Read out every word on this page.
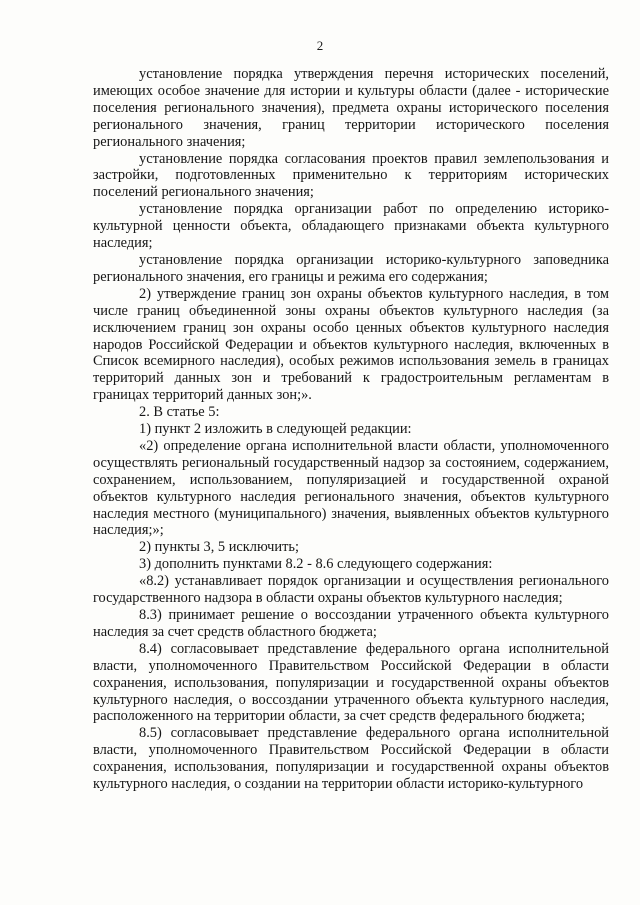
2

установление порядка утверждения перечня исторических поселений, имеющих особое значение для истории и культуры области (далее - исторические поселения регионального значения), предмета охраны исторического поселения регионального значения, границ территории исторического поселения регионального значения;

установление порядка согласования проектов правил землепользования и застройки, подготовленных применительно к территориям исторических поселений регионального значения;

установление порядка организации работ по определению историко-культурной ценности объекта, обладающего признаками объекта культурного наследия;

установление порядка организации историко-культурного заповедника регионального значения, его границы и режима его содержания;

2) утверждение границ зон охраны объектов культурного наследия, в том числе границ объединенной зоны охраны объектов культурного наследия (за исключением границ зон охраны особо ценных объектов культурного наследия народов Российской Федерации и объектов культурного наследия, включенных в Список всемирного наследия), особых режимов использования земель в границах территорий данных зон и требований к градостроительным регламентам в границах территорий данных зон;».

2. В статье 5:

1) пункт 2 изложить в следующей редакции:

«2) определение органа исполнительной власти области, уполномоченного осуществлять региональный государственный надзор за состоянием, содержанием, сохранением, использованием, популяризацией и государственной охраной объектов культурного наследия регионального значения, объектов культурного наследия местного (муниципального) значения, выявленных объектов культурного наследия;»;

2) пункты 3, 5 исключить;

3) дополнить пунктами 8.2 - 8.6 следующего содержания:

«8.2) устанавливает порядок организации и осуществления регионального государственного надзора в области охраны объектов культурного наследия;

8.3) принимает решение о воссоздании утраченного объекта культурного наследия за счет средств областного бюджета;

8.4) согласовывает представление федерального органа исполнительной власти, уполномоченного Правительством Российской Федерации в области сохранения, использования, популяризации и государственной охраны объектов культурного наследия, о воссоздании утраченного объекта культурного наследия, расположенного на территории области, за счет средств федерального бюджета;

8.5) согласовывает представление федерального органа исполнительной власти, уполномоченного Правительством Российской Федерации в области сохранения, использования, популяризации и государственной охраны объектов культурного наследия, о создании на территории области историко-культурного
